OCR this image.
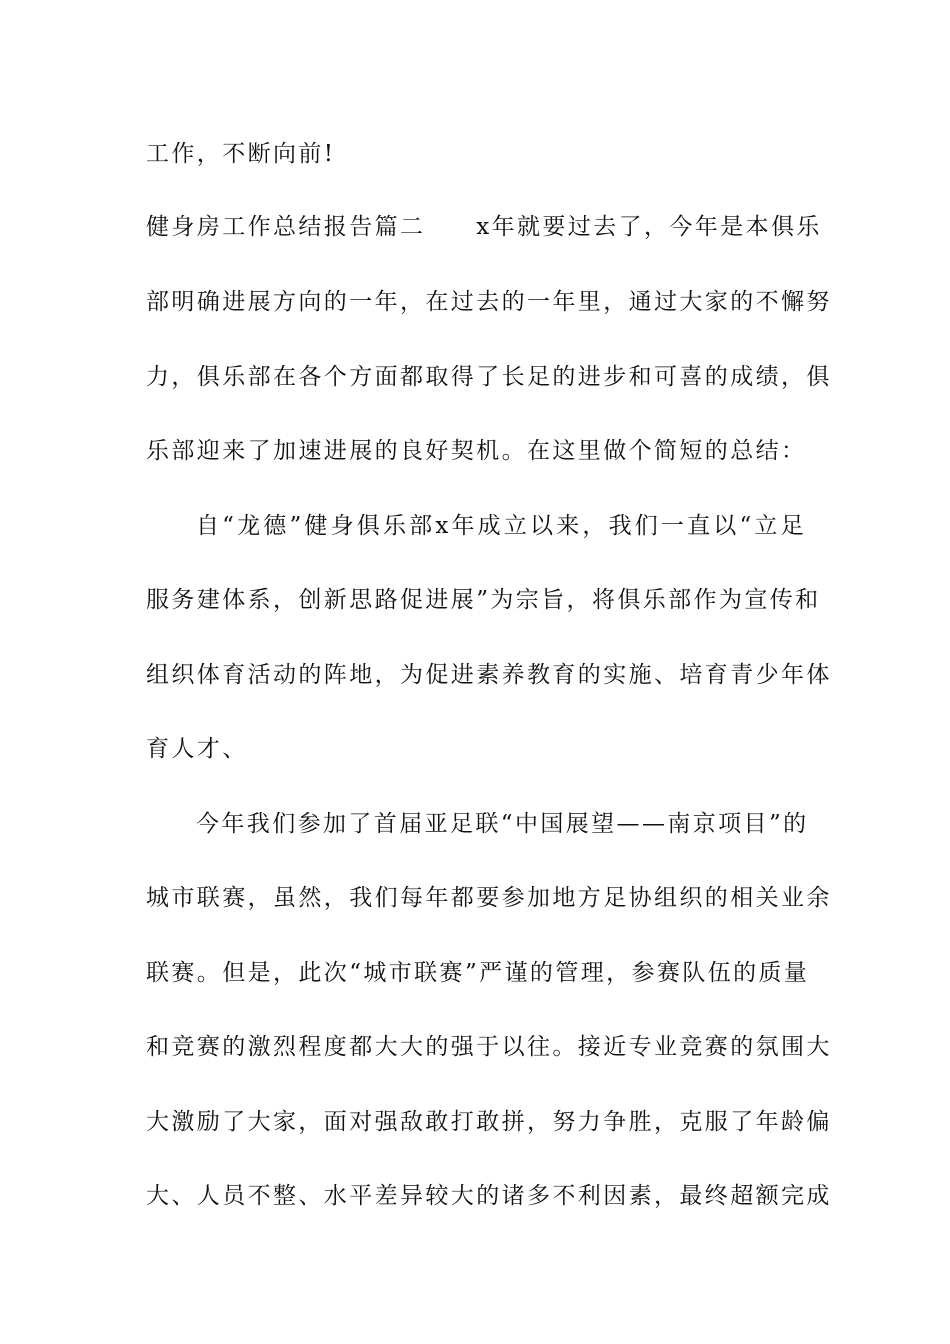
工作，不断向前!
健身房工作总结报告篇二　　x年就要过去了，今年是本俱乐
部明确进展方向的一年，在过去的一年里，通过大家的不懈努
力，俱乐部在各个方面都取得了长足的进步和可喜的成绩，俱
乐部迎来了加速进展的良好契机。在这里做个简短的总结：
自“龙德”健身俱乐部x年成立以来，我们一直以“立足
服务建体系，创新思路促进展”为宗旨，将俱乐部作为宣传和
组织体育活动的阵地，为促进素养教育的实施、培育青少年体
育人才、
今年我们参加了首届亚足联“中国展望——南京项目”的
城市联赛，虽然，我们每年都要参加地方足协组织的相关业余
联赛。但是，此次“城市联赛”严谨的管理，参赛队伍的质量
和竞赛的激烈程度都大大的强于以往。接近专业竞赛的氛围大
大激励了大家，面对强敌敢打敢拼，努力争胜，克服了年龄偏
大、人员不整、水平差异较大的诸多不利因素，最终超额完成
